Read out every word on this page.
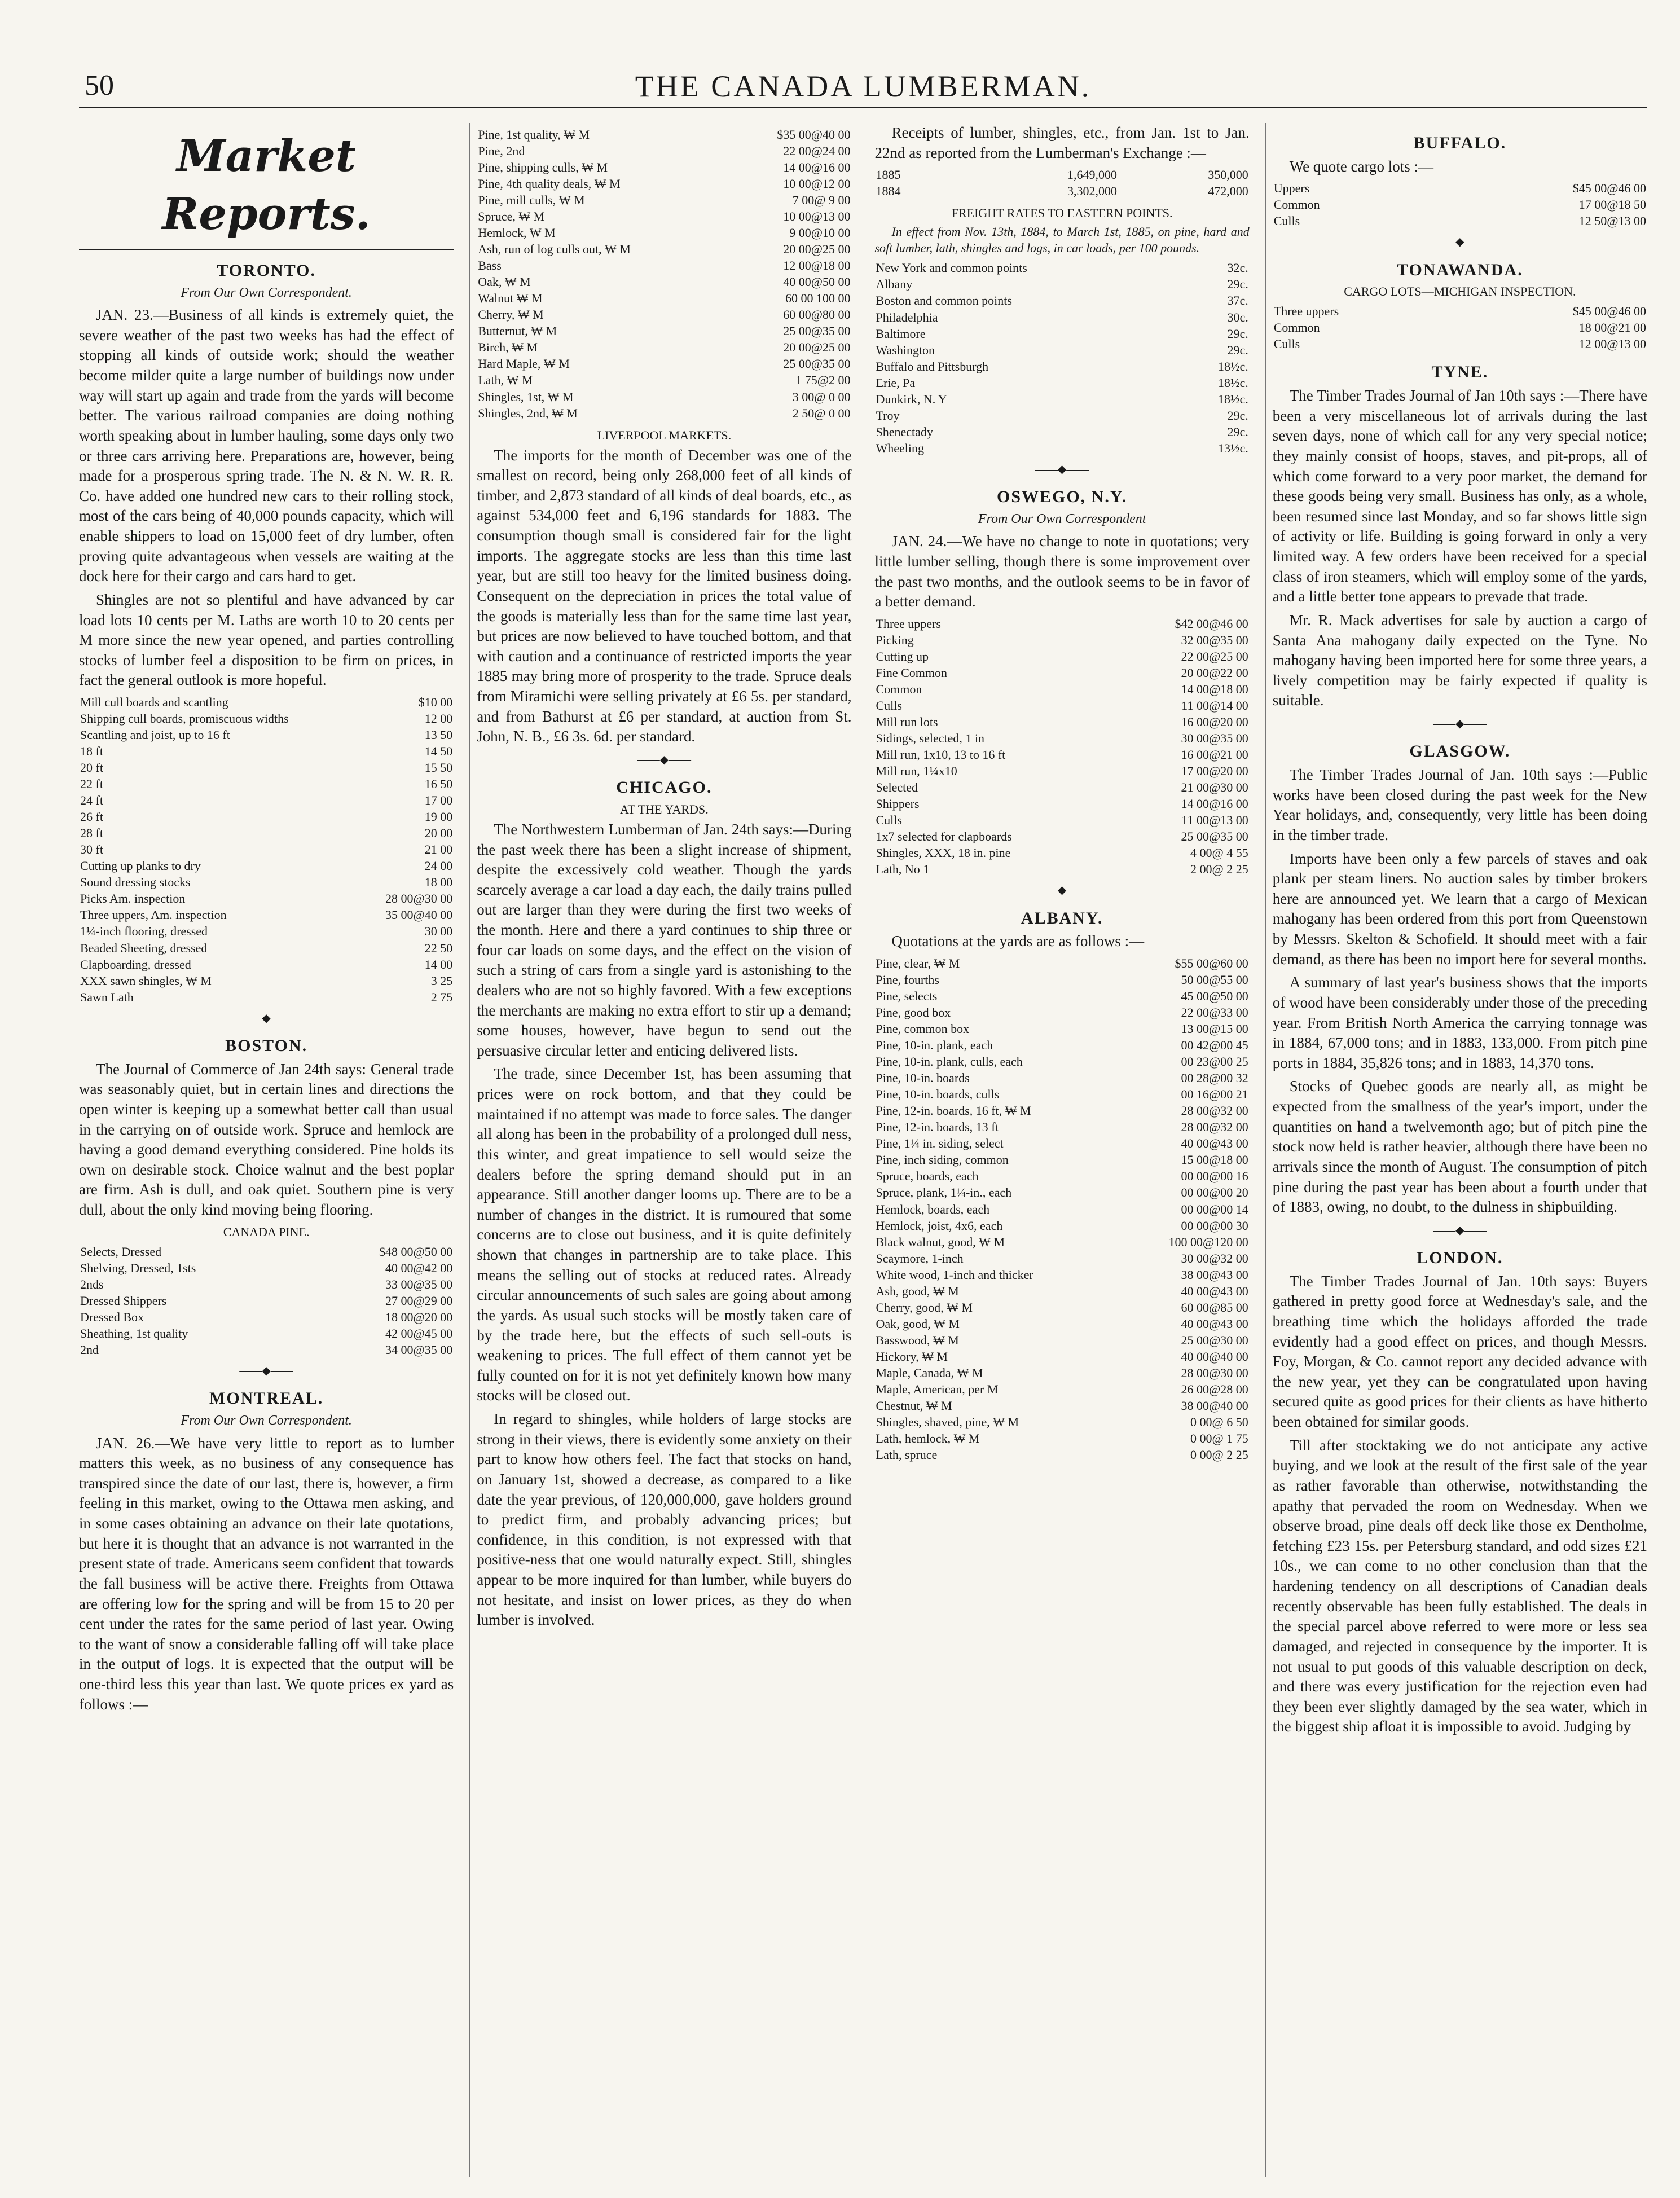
50	THE CANADA LUMBERMAN.
Market Reports.
TORONTO.
From Our Own Correspondent.

JAN. 23.—Business of all kinds is extremely quiet, the severe weather of the past two weeks has had the effect of stopping all kinds of outside work; should the weather become milder quite a large number of buildings now under way will start up again and trade from the yards will become better. The various railroad companies are doing nothing worth speaking about in lumber hauling, some days only two or three cars arriving here. Preparations are, however, being made for a prosperous spring trade. The N. & N. W. R. R. Co. have added one hundred new cars to their rolling stock, most of the cars being of 40,000 pounds capacity, which will enable shippers to load on 15,000 feet of dry lumber, often proving quite advantageous when vessels are waiting at the dock here for their cargo and cars hard to get.

Shingles are not so plentiful and have advanced by car load lots 10 cents per M. Laths are worth 10 to 20 cents per M more since the new year opened, and parties controlling stocks of lumber feel a disposition to be firm on prices, in fact the general outlook is more hopeful.

Mill cull boards and scantling	$10 00
Shipping cull boards, promiscuous widths	12 00
Scantling and joist, up to 16 ft	13 50
18 ft	14 50
20 ft	15 50
22 ft	16 50
24 ft	17 00
26 ft	19 00
28 ft	20 00
30 ft	21 00
Cutting up planks to dry	24 00
Sound dressing stocks	18 00
Picks Am. inspection	28 00@30 00
Three uppers, Am. inspection	35 00@40 00
1¼-inch flooring, dressed	30 00
Beaded Sheeting, dressed	22 50
Clapboarding, dressed	14 00
XXX sawn shingles, ₩ M	3 25
Sawn Lath	2 75
——◆——
BOSTON.

The Journal of Commerce of Jan 24th says: General trade was seasonably quiet, but in certain lines and directions the open winter is keeping up a somewhat better call than usual in the carrying on of outside work. Spruce and hemlock are having a good demand everything considered. Pine holds its own on desirable stock. Choice walnut and the best poplar are firm. Ash is dull, and oak quiet. Southern pine is very dull, about the only kind moving being flooring.

CANADA PINE.
Selects, Dressed	$48 00@50 00
Shelving, Dressed, 1sts	40 00@42 00
2nds	33 00@35 00
Dressed Shippers	27 00@29 00
Dressed Box	18 00@20 00
Sheathing, 1st quality	42 00@45 00
2nd	34 00@35 00
——◆——
MONTREAL.
From Our Own Correspondent.

JAN. 26.—We have very little to report as to lumber matters this week, as no business of any consequence has transpired since the date of our last, there is, however, a firm feeling in this market, owing to the Ottawa men asking, and in some cases obtaining an advance on their late quotations, but here it is thought that an advance is not warranted in the present state of trade. Americans seem confident that towards the fall business will be active there. Freights from Ottawa are offering low for the spring and will be from 15 to 20 per cent under the rates for the same period of last year. Owing to the want of snow a considerable falling off will take place in the output of logs. It is expected that the output will be one-third less this year than last. We quote prices ex yard as follows :—

Pine, 1st quality, ₩ M	$35 00@40 00
Pine, 2nd	22 00@24 00
Pine, shipping culls, ₩ M	14 00@16 00
Pine, 4th quality deals, ₩ M	10 00@12 00
Pine, mill culls, ₩ M	7 00@ 9 00
Spruce, ₩ M	10 00@13 00
Hemlock, ₩ M	9 00@10 00
Ash, run of log culls out, ₩ M	20 00@25 00
Bass	12 00@18 00
Oak, ₩ M	40 00@50 00
Walnut ₩ M	60 00 100 00
Cherry, ₩ M	60 00@80 00
Butternut, ₩ M	25 00@35 00
Birch, ₩ M	20 00@25 00
Hard Maple, ₩ M	25 00@35 00
Lath, ₩ M	1 75@2 00
Shingles, 1st, ₩ M	3 00@ 0 00
Shingles, 2nd, ₩ M	2 50@ 0 00
LIVERPOOL MARKETS.

The imports for the month of December was one of the smallest on record, being only 268,000 feet of all kinds of timber, and 2,873 standard of all kinds of deal boards, etc., as against 534,000 feet and 6,196 standards for 1883. The consumption though small is considered fair for the light imports. The aggregate stocks are less than this time last year, but are still too heavy for the limited business doing. Consequent on the depreciation in prices the total value of the goods is materially less than for the same time last year, but prices are now believed to have touched bottom, and that with caution and a continuance of restricted imports the year 1885 may bring more of prosperity to the trade. Spruce deals from Miramichi were selling privately at £6 5s. per standard, and from Bathurst at £6 per standard, at auction from St. John, N. B., £6 3s. 6d. per standard.

——◆——
CHICAGO.
AT THE YARDS.

The Northwestern Lumberman of Jan. 24th says:—During the past week there has been a slight increase of shipment, despite the excessively cold weather. Though the yards scarcely average a car load a day each, the daily trains pulled out are larger than they were during the first two weeks of the month. Here and there a yard continues to ship three or four car loads on some days, and the effect on the vision of such a string of cars from a single yard is astonishing to the dealers who are not so highly favored. With a few exceptions the merchants are making no extra effort to stir up a demand; some houses, however, have begun to send out the persuasive circular letter and enticing delivered lists.

The trade, since December 1st, has been assuming that prices were on rock bottom, and that they could be maintained if no attempt was made to force sales. The danger all along has been in the probability of a prolonged dull ness, this winter, and great impatience to sell would seize the dealers before the spring demand should put in an appearance. Still another danger looms up. There are to be a number of changes in the district. It is rumoured that some concerns are to close out business, and it is quite definitely shown that changes in partnership are to take place. This means the selling out of stocks at reduced rates. Already circular announcements of such sales are going about among the yards. As usual such stocks will be mostly taken care of by the trade here, but the effects of such sell-outs is weakening to prices. The full effect of them cannot yet be fully counted on for it is not yet definitely known how many stocks will be closed out.

In regard to shingles, while holders of large stocks are strong in their views, there is evidently some anxiety on their part to know how others feel. The fact that stocks on hand, on January 1st, showed a decrease, as compared to a like date the year previous, of 120,000,000, gave holders ground to predict firm, and probably advancing prices; but confidence, in this condition, is not expressed with that positive-ness that one would naturally expect. Still, shingles appear to be more inquired for than lumber, while buyers do not hesitate, and insist on lower prices, as they do when lumber is involved.

Receipts of lumber, shingles, etc., from Jan. 1st to Jan. 22nd as reported from the Lumberman's Exchange :—

1885	1,649,000	350,000
1884	3,302,000	472,000
FREIGHT RATES TO EASTERN POINTS.

In effect from Nov. 13th, 1884, to March 1st, 1885, on pine, hard and soft lumber, lath, shingles and logs, in car loads, per 100 pounds.

New York and common points	32c.
Albany	29c.
Boston and common points	37c.
Philadelphia	30c.
Baltimore	29c.
Washington	29c.
Buffalo and Pittsburgh	18½c.
Erie, Pa	18½c.
Dunkirk, N. Y	18½c.
Troy	29c.
Shenectady	29c.
Wheeling	13½c.
——◆——
OSWEGO, N.Y.
From Our Own Correspondent

JAN. 24.—We have no change to note in quotations; very little lumber selling, though there is some improvement over the past two months, and the outlook seems to be in favor of a better demand.

Three uppers	$42 00@46 00
Picking	32 00@35 00
Cutting up	22 00@25 00
Fine Common	20 00@22 00
Common	14 00@18 00
Culls	11 00@14 00
Mill run lots	16 00@20 00
Sidings, selected, 1 in	30 00@35 00
Mill run, 1x10, 13 to 16 ft	16 00@21 00
Mill run, 1¼x10	17 00@20 00
Selected	21 00@30 00
Shippers	14 00@16 00
Culls	11 00@13 00
1x7 selected for clapboards	25 00@35 00
Shingles, XXX, 18 in. pine	4 00@ 4 55
Lath, No 1	2 00@ 2 25
——◆——
ALBANY.

Quotations at the yards are as follows :—

Pine, clear, ₩ M	$55 00@60 00
Pine, fourths	50 00@55 00
Pine, selects	45 00@50 00
Pine, good box	22 00@33 00
Pine, common box	13 00@15 00
Pine, 10-in. plank, each	00 42@00 45
Pine, 10-in. plank, culls, each	00 23@00 25
Pine, 10-in. boards	00 28@00 32
Pine, 10-in. boards, culls	00 16@00 21
Pine, 12-in. boards, 16 ft, ₩ M	28 00@32 00
Pine, 12-in. boards, 13 ft	28 00@32 00
Pine, 1¼ in. siding, select	40 00@43 00
Pine, inch siding, common	15 00@18 00
Spruce, boards, each	00 00@00 16
Spruce, plank, 1¼-in., each	00 00@00 20
Hemlock, boards, each	00 00@00 14
Hemlock, joist, 4x6, each	00 00@00 30
Black walnut, good, ₩ M	100 00@120 00
Scaymore, 1-inch	30 00@32 00
White wood, 1-inch and thicker	38 00@43 00
Ash, good, ₩ M	40 00@43 00
Cherry, good, ₩ M	60 00@85 00
Oak, good, ₩ M	40 00@43 00
Basswood, ₩ M	25 00@30 00
Hickory, ₩ M	40 00@40 00
Maple, Canada, ₩ M	28 00@30 00
Maple, American, per M	26 00@28 00
Chestnut, ₩ M	38 00@40 00
Shingles, shaved, pine, ₩ M	0 00@ 6 50
Lath, hemlock, ₩ M	0 00@ 1 75
Lath, spruce	0 00@ 2 25
BUFFALO.

We quote cargo lots :—

Uppers	$45 00@46 00
Common	17 00@18 50
Culls	12 50@13 00
——◆——
TONAWANDA.
CARGO LOTS—MICHIGAN INSPECTION.
Three uppers	$45 00@46 00
Common	18 00@21 00
Culls	12 00@13 00
TYNE.

The Timber Trades Journal of Jan 10th says :—There have been a very miscellaneous lot of arrivals during the last seven days, none of which call for any very special notice; they mainly consist of hoops, staves, and pit-props, all of which come forward to a very poor market, the demand for these goods being very small. Business has only, as a whole, been resumed since last Monday, and so far shows little sign of activity or life. Building is going forward in only a very limited way. A few orders have been received for a special class of iron steamers, which will employ some of the yards, and a little better tone appears to prevade that trade.

Mr. R. Mack advertises for sale by auction a cargo of Santa Ana mahogany daily expected on the Tyne. No mahogany having been imported here for some three years, a lively competition may be fairly expected if quality is suitable.

——◆——
GLASGOW.

The Timber Trades Journal of Jan. 10th says :—Public works have been closed during the past week for the New Year holidays, and, consequently, very little has been doing in the timber trade.

Imports have been only a few parcels of staves and oak plank per steam liners. No auction sales by timber brokers here are announced yet. We learn that a cargo of Mexican mahogany has been ordered from this port from Queenstown by Messrs. Skelton & Schofield. It should meet with a fair demand, as there has been no import here for several months.

A summary of last year's business shows that the imports of wood have been considerably under those of the preceding year. From British North America the carrying tonnage was in 1884, 67,000 tons; and in 1883, 133,000. From pitch pine ports in 1884, 35,826 tons; and in 1883, 14,370 tons.

Stocks of Quebec goods are nearly all, as might be expected from the smallness of the year's import, under the quantities on hand a twelvemonth ago; but of pitch pine the stock now held is rather heavier, although there have been no arrivals since the month of August. The consumption of pitch pine during the past year has been about a fourth under that of 1883, owing, no doubt, to the dulness in shipbuilding.

——◆——
LONDON.

The Timber Trades Journal of Jan. 10th says: Buyers gathered in pretty good force at Wednesday's sale, and the breathing time which the holidays afforded the trade evidently had a good effect on prices, and though Messrs. Foy, Morgan, & Co. cannot report any decided advance with the new year, yet they can be congratulated upon having secured quite as good prices for their clients as have hitherto been obtained for similar goods.

Till after stocktaking we do not anticipate any active buying, and we look at the result of the first sale of the year as rather favorable than otherwise, notwithstanding the apathy that pervaded the room on Wednesday. When we observe broad, pine deals off deck like those ex Dentholme, fetching £23 15s. per Petersburg standard, and odd sizes £21 10s., we can come to no other conclusion than that the hardening tendency on all descriptions of Canadian deals recently observable has been fully established. The deals in the special parcel above referred to were more or less sea damaged, and rejected in consequence by the importer. It is not usual to put goods of this valuable description on deck, and there was every justification for the rejection even had they been ever slightly damaged by the sea water, which in the biggest ship afloat it is impossible to avoid. Judging by
